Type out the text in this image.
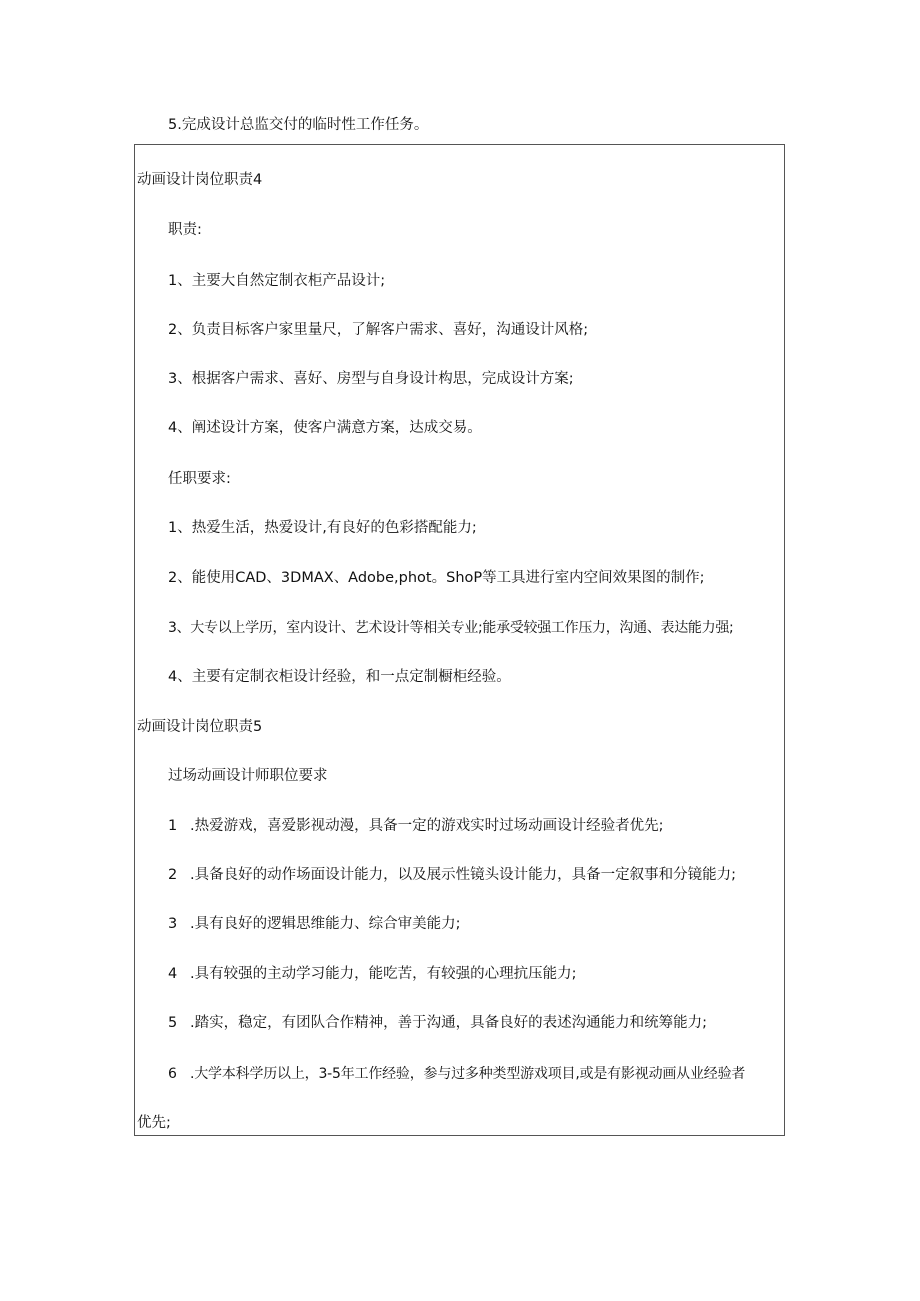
5.完成设计总监交付的临时性工作任务。
动画设计岗位职责4
职责:
1、主要大自然定制衣柜产品设计;
2、负责目标客户家里量尺，了解客户需求、喜好，沟通设计风格;
3、根据客户需求、喜好、房型与自身设计构思，完成设计方案;
4、阐述设计方案，使客户满意方案，达成交易。
任职要求:
1、热爱生活，热爱设计,有良好的色彩搭配能力;
2、能使用CAD、3DMAX、Adobe,phot。ShoP等工具进行室内空间效果图的制作;
3、大专以上学历，室内设计、艺术设计等相关专业;能承受较强工作压力，沟通、表达能力强;
4、主要有定制衣柜设计经验，和一点定制橱柜经验。
动画设计岗位职责5
过场动画设计师职位要求
1 .热爱游戏，喜爱影视动漫，具备一定的游戏实时过场动画设计经验者优先;
2 .具备良好的动作场面设计能力，以及展示性镜头设计能力，具备一定叙事和分镜能力;
3 .具有良好的逻辑思维能力、综合审美能力;
4 .具有较强的主动学习能力，能吃苦，有较强的心理抗压能力;
5 .踏实，稳定，有团队合作精神，善于沟通，具备良好的表述沟通能力和统筹能力;
6 .大学本科学历以上，3-5年工作经验，参与过多种类型游戏项目,或是有影视动画从业经验者
优先;
